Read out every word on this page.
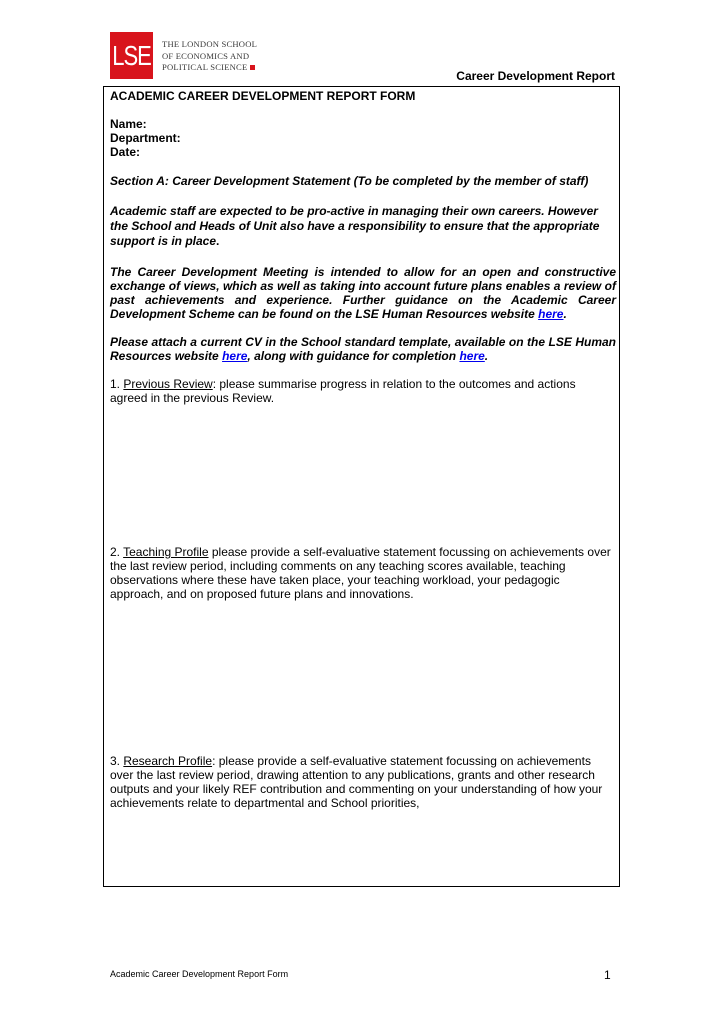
LSE THE LONDON SCHOOL
OF ECONOMICS AND
POLITICAL SCIENCE
Career Development Report
ACADEMIC CAREER DEVELOPMENT REPORT FORM
Name:
Department:
Date:
Section A: Career Development Statement (To be completed by the member of staff)
Academic staff are expected to be pro-active in managing their own careers. However the School and Heads of Unit also have a responsibility to ensure that the appropriate support is in place.
The Career Development Meeting is intended to allow for an open and constructive exchange of views, which as well as taking into account future plans enables a review of past achievements and experience. Further guidance on the Academic Career Development Scheme can be found on the LSE Human Resources website here.
Please attach a current CV in the School standard template, available on the LSE Human Resources website here, along with guidance for completion here.
1. Previous Review: please summarise progress in relation to the outcomes and actions agreed in the previous Review.
2. Teaching Profile please provide a self-evaluative statement focussing on achievements over the last review period, including comments on any teaching scores available, teaching observations where these have taken place, your teaching workload, your pedagogic approach, and on proposed future plans and innovations.
3. Research Profile: please provide a self-evaluative statement focussing on achievements over the last review period, drawing attention to any publications, grants and other research outputs and your likely REF contribution and commenting on your understanding of how your achievements relate to departmental and School priorities,
Academic Career Development Report Form	1
